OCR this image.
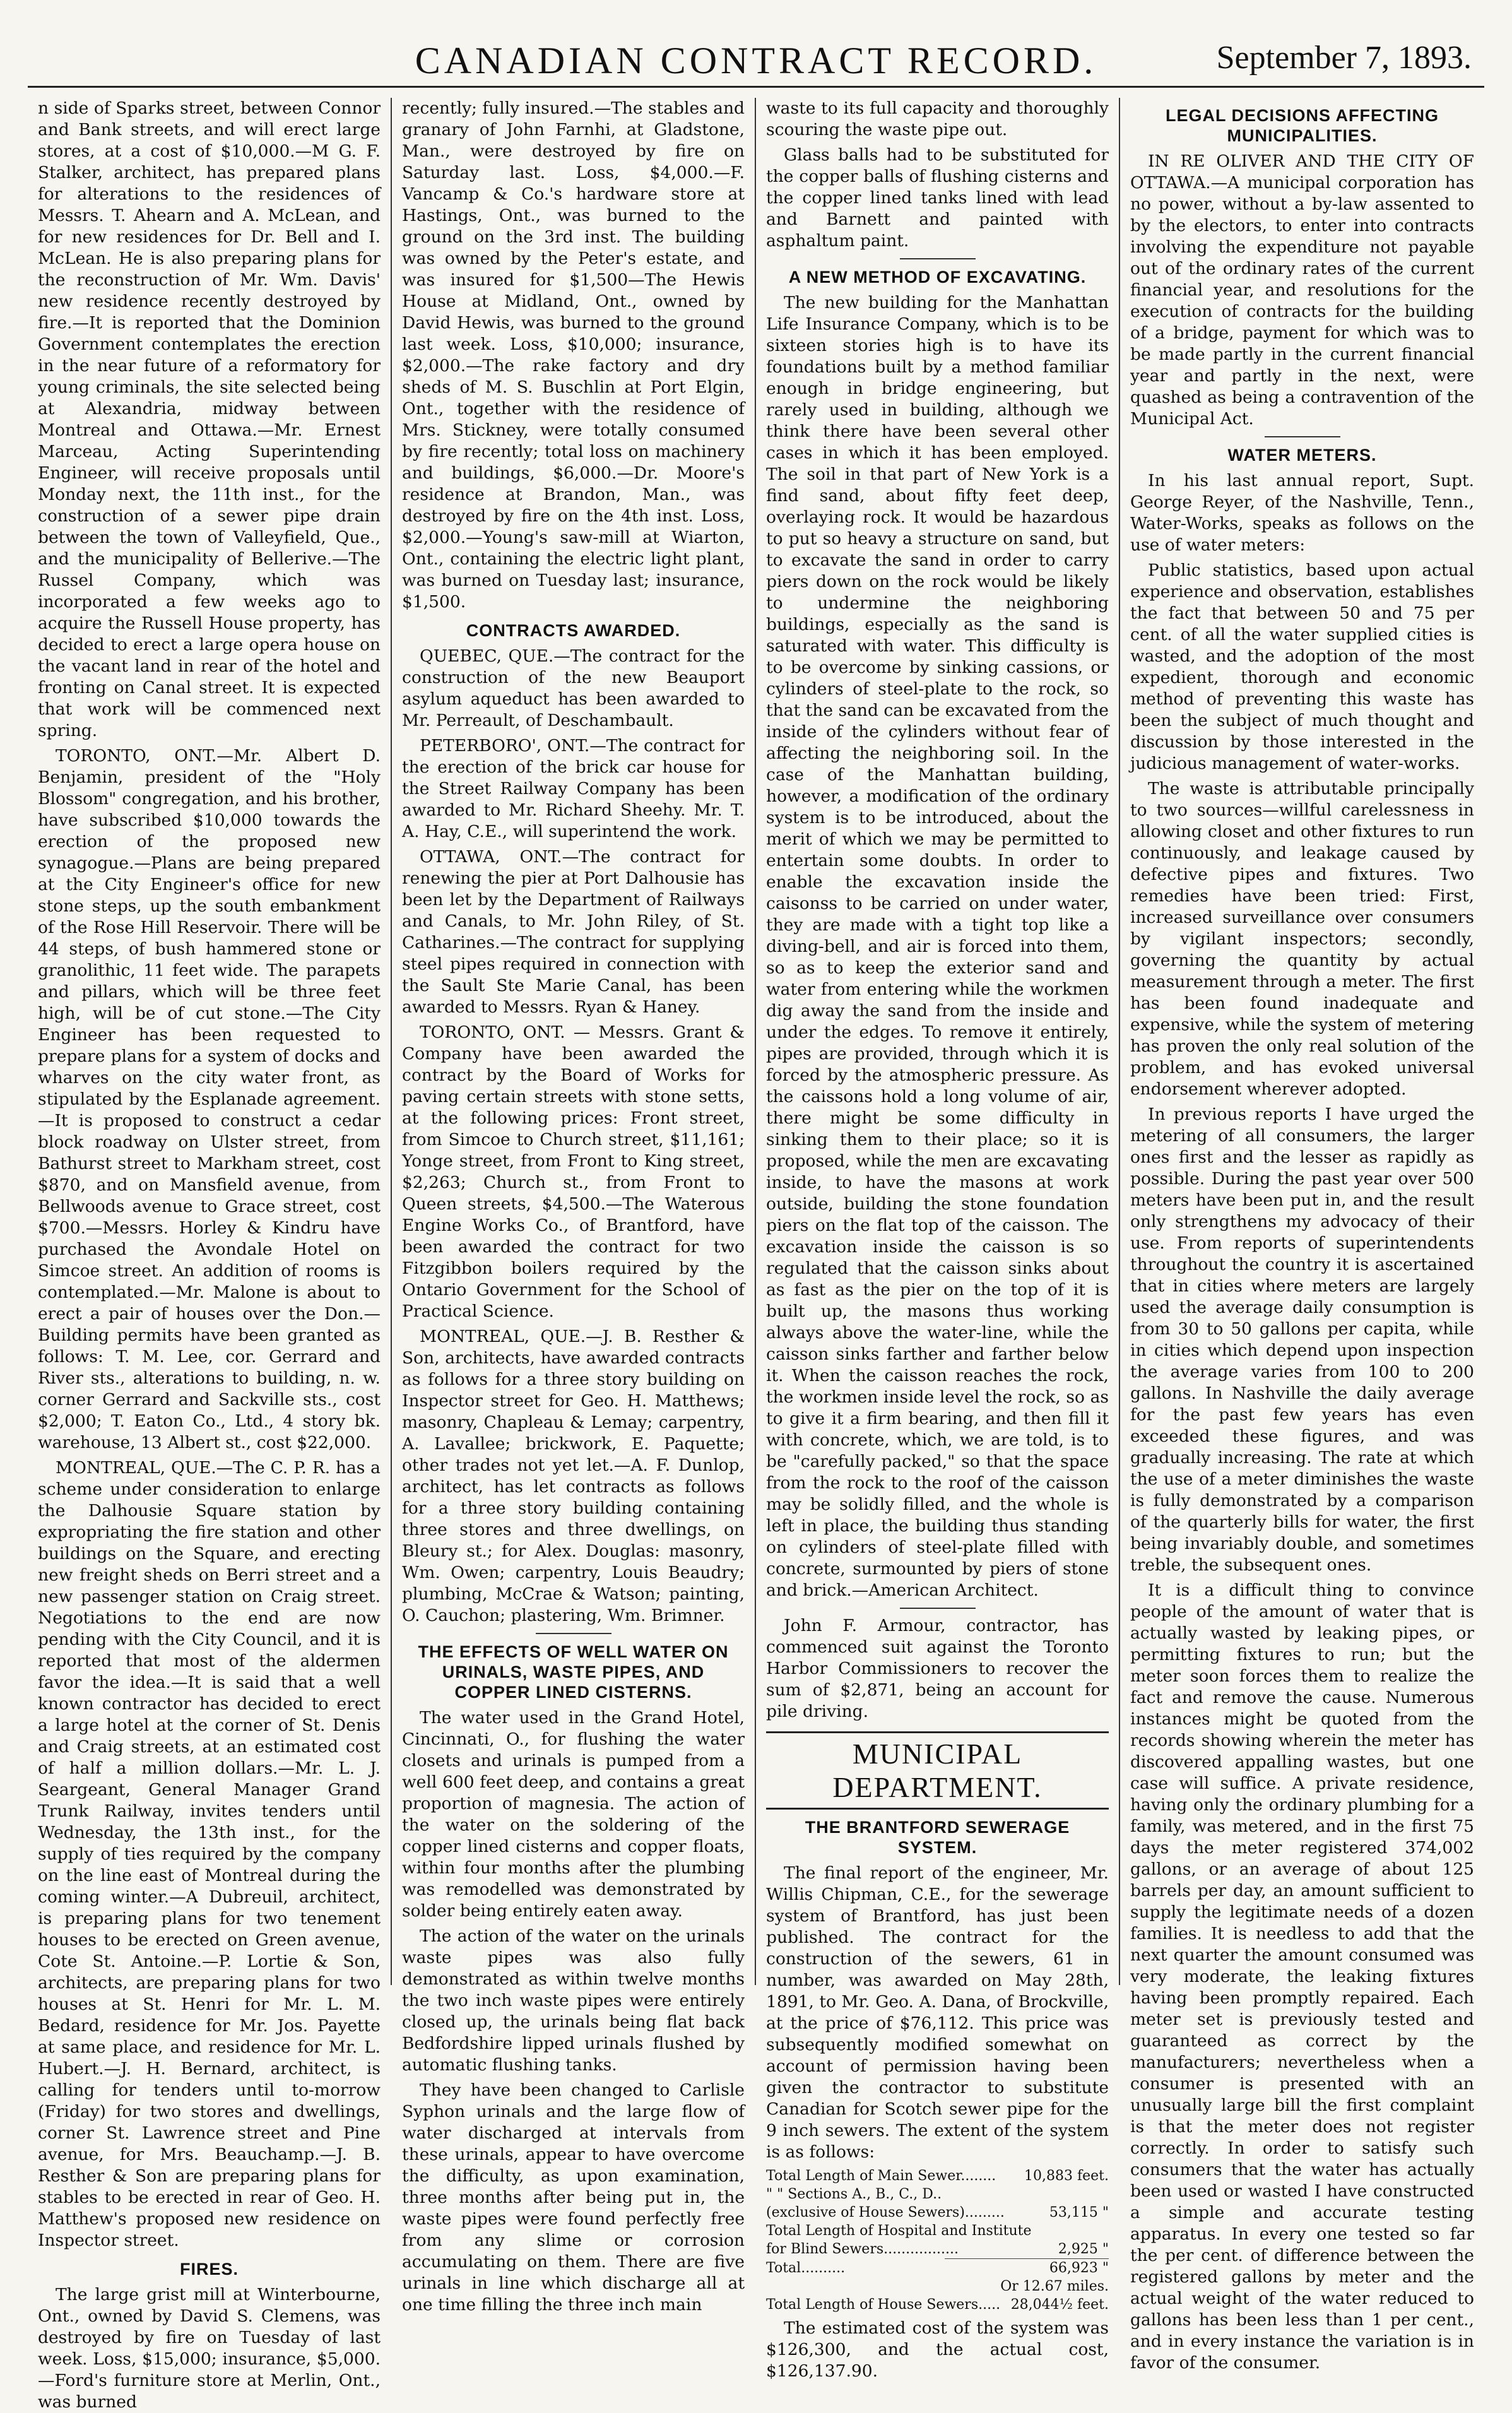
CANADIAN CONTRACT RECORD.	September 7, 1893.

n side of Sparks street, between Connor and Bank streets, and will erect large stores, at a cost of $10,000.—M G. F. Stalker, architect, has prepared plans for alterations to the residences of Messrs. T. Ahearn and A. McLean, and for new residences for Dr. Bell and I. McLean. He is also preparing plans for the reconstruction of Mr. Wm. Davis' new residence recently destroyed by fire.—It is reported that the Dominion Government contemplates the erection in the near future of a reformatory for young criminals, the site selected being at Alexandria, midway between Montreal and Ottawa.—Mr. Ernest Marceau, Acting Superintending Engineer, will receive proposals until Monday next, the 11th inst., for the construction of a sewer pipe drain between the town of Valleyfield, Que., and the municipality of Bellerive.—The Russel Company, which was incorporated a few weeks ago to acquire the Russell House property, has decided to erect a large opera house on the vacant land in rear of the hotel and fronting on Canal street. It is expected that work will be commenced next spring.

TORONTO, ONT.—Mr. Albert D. Benjamin, president of the "Holy Blossom" congregation, and his brother, have subscribed $10,000 towards the erection of the proposed new synagogue.—Plans are being prepared at the City Engineer's office for new stone steps, up the south embankment of the Rose Hill Reservoir. There will be 44 steps, of bush hammered stone or granolithic, 11 feet wide. The parapets and pillars, which will be three feet high, will be of cut stone.—The City Engineer has been requested to prepare plans for a system of docks and wharves on the city water front, as stipulated by the Esplanade agreement.—It is proposed to construct a cedar block roadway on Ulster street, from Bathurst street to Markham street, cost $870, and on Mansfield avenue, from Bellwoods avenue to Grace street, cost $700.—Messrs. Horley & Kindru have purchased the Avondale Hotel on Simcoe street. An addition of rooms is contemplated.—Mr. Malone is about to erect a pair of houses over the Don.—Building permits have been granted as follows: T. M. Lee, cor. Gerrard and River sts., alterations to building, n. w. corner Gerrard and Sackville sts., cost $2,000; T. Eaton Co., Ltd., 4 story bk. warehouse, 13 Albert st., cost $22,000.

MONTREAL, QUE.—The C. P. R. has a scheme under consideration to enlarge the Dalhousie Square station by expropriating the fire station and other buildings on the Square, and erecting new freight sheds on Berri street and a new passenger station on Craig street. Negotiations to the end are now pending with the City Council, and it is reported that most of the aldermen favor the idea.—It is said that a well known contractor has decided to erect a large hotel at the corner of St. Denis and Craig streets, at an estimated cost of half a million dollars.—Mr. L. J. Seargeant, General Manager Grand Trunk Railway, invites tenders until Wednesday, the 13th inst., for the supply of ties required by the company on the line east of Montreal during the coming winter.—A Dubreuil, architect, is preparing plans for two tenement houses to be erected on Green avenue, Cote St. Antoine.—P. Lortie & Son, architects, are preparing plans for two houses at St. Henri for Mr. L. M. Bedard, residence for Mr. Jos. Payette at same place, and residence for Mr. L. Hubert.—J. H. Bernard, architect, is calling for tenders until to-morrow (Friday) for two stores and dwellings, corner St. Lawrence street and Pine avenue, for Mrs. Beauchamp.—J. B. Resther & Son are preparing plans for stables to be erected in rear of Geo. H. Matthew's proposed new residence on Inspector street.

FIRES.

The large grist mill at Winterbourne, Ont., owned by David S. Clemens, was destroyed by fire on Tuesday of last week. Loss, $15,000; insurance, $5,000.—Ford's furniture store at Merlin, Ont., was burned

recently; fully insured.—The stables and granary of John Farnhi, at Gladstone, Man., were destroyed by fire on Saturday last. Loss, $4,000.—F. Vancamp & Co.'s hardware store at Hastings, Ont., was burned to the ground on the 3rd inst. The building was owned by the Peter's estate, and was insured for $1,500—The Hewis House at Midland, Ont., owned by David Hewis, was burned to the ground last week. Loss, $10,000; insurance, $2,000.—The rake factory and dry sheds of M. S. Buschlin at Port Elgin, Ont., together with the residence of Mrs. Stickney, were totally consumed by fire recently; total loss on machinery and buildings, $6,000.—Dr. Moore's residence at Brandon, Man., was destroyed by fire on the 4th inst. Loss, $2,000.—Young's saw-mill at Wiarton, Ont., containing the electric light plant, was burned on Tuesday last; insurance, $1,500.

CONTRACTS AWARDED.

QUEBEC, QUE.—The contract for the construction of the new Beauport asylum aqueduct has been awarded to Mr. Perreault, of Deschambault.

PETERBORO', ONT.—The contract for the erection of the brick car house for the Street Railway Company has been awarded to Mr. Richard Sheehy. Mr. T. A. Hay, C.E., will superintend the work.

OTTAWA, ONT.—The contract for renewing the pier at Port Dalhousie has been let by the Department of Railways and Canals, to Mr. John Riley, of St. Catharines.—The contract for supplying steel pipes required in connection with the Sault Ste Marie Canal, has been awarded to Messrs. Ryan & Haney.

TORONTO, ONT. — Messrs. Grant & Company have been awarded the contract by the Board of Works for paving certain streets with stone setts, at the following prices: Front street, from Simcoe to Church street, $11,161; Yonge street, from Front to King street, $2,263; Church st., from Front to Queen streets, $4,500.—The Waterous Engine Works Co., of Brantford, have been awarded the contract for two Fitzgibbon boilers required by the Ontario Government for the School of Practical Science.

MONTREAL, QUE.—J. B. Resther & Son, architects, have awarded contracts as follows for a three story building on Inspector street for Geo. H. Matthews; masonry, Chapleau & Lemay; carpentry, A. Lavallee; brickwork, E. Paquette; other trades not yet let.—A. F. Dunlop, architect, has let contracts as follows for a three story building containing three stores and three dwellings, on Bleury st.; for Alex. Douglas: masonry, Wm. Owen; carpentry, Louis Beaudry; plumbing, McCrae & Watson; painting, O. Cauchon; plastering, Wm. Brimner.

THE EFFECTS OF WELL WATER ON URINALS, WASTE PIPES, AND COPPER LINED CISTERNS.

The water used in the Grand Hotel, Cincinnati, O., for flushing the water closets and urinals is pumped from a well 600 feet deep, and contains a great proportion of magnesia. The action of the water on the soldering of the copper lined cisterns and copper floats, within four months after the plumbing was remodelled was demonstrated by solder being entirely eaten away.

The action of the water on the urinals waste pipes was also fully demonstrated as within twelve months the two inch waste pipes were entirely closed up, the urinals being flat back Bedfordshire lipped urinals flushed by automatic flushing tanks.

They have been changed to Carlisle Syphon urinals and the large flow of water discharged at intervals from these urinals, appear to have overcome the difficulty, as upon examination, three months after being put in, the waste pipes were found perfectly free from any slime or corrosion accumulating on them. There are five urinals in line which discharge all at one time filling the three inch main

waste to its full capacity and thoroughly scouring the waste pipe out.

Glass balls had to be substituted for the copper balls of flushing cisterns and the copper lined tanks lined with lead and Barnett and painted with asphaltum paint.

A NEW METHOD OF EXCAVATING.

The new building for the Manhattan Life Insurance Company, which is to be sixteen stories high is to have its foundations built by a method familiar enough in bridge engineering, but rarely used in building, although we think there have been several other cases in which it has been employed. The soil in that part of New York is a find sand, about fifty feet deep, overlaying rock. It would be hazardous to put so heavy a structure on sand, but to excavate the sand in order to carry piers down on the rock would be likely to undermine the neighboring buildings, especially as the sand is saturated with water. This difficulty is to be overcome by sinking cassions, or cylinders of steel-plate to the rock, so that the sand can be excavated from the inside of the cylinders without fear of affecting the neighboring soil. In the case of the Manhattan building, however, a modification of the ordinary system is to be introduced, about the merit of which we may be permitted to entertain some doubts. In order to enable the excavation inside the caisonss to be carried on under water, they are made with a tight top like a diving-bell, and air is forced into them, so as to keep the exterior sand and water from entering while the workmen dig away the sand from the inside and under the edges. To remove it entirely, pipes are provided, through which it is forced by the atmospheric pressure. As the caissons hold a long volume of air, there might be some difficulty in sinking them to their place; so it is proposed, while the men are excavating inside, to have the masons at work outside, building the stone foundation piers on the flat top of the caisson. The excavation inside the caisson is so regulated that the caisson sinks about as fast as the pier on the top of it is built up, the masons thus working always above the water-line, while the caisson sinks farther and farther below it. When the caisson reaches the rock, the workmen inside level the rock, so as to give it a firm bearing, and then fill it with concrete, which, we are told, is to be "carefully packed," so that the space from the rock to the roof of the caisson may be solidly filled, and the whole is left in place, the building thus standing on cylinders of steel-plate filled with concrete, surmounted by piers of stone and brick.—American Architect.

John F. Armour, contractor, has commenced suit against the Toronto Harbor Commissioners to recover the sum of $2,871, being an account for pile driving.

MUNICIPAL DEPARTMENT.
THE BRANTFORD SEWERAGE SYSTEM.

The final report of the engineer, Mr. Willis Chipman, C.E., for the sewerage system of Brantford, has just been published. The contract for the construction of the sewers, 61 in number, was awarded on May 28th, 1891, to Mr. Geo. A. Dana, of Brockville, at the price of $76,112. This price was subsequently modified somewhat on account of permission having been given the contractor to substitute Canadian for Scotch sewer pipe for the 9 inch sewers. The extent of the system is as follows:

Total Length of Main Sewer........ 10,883 feet.
" " Sections A., B., C., D..
(exclusive of House Sewers).........	53,115 "
Total Length of Hospital and Institute
for Blind Sewers.................	2,925 "
Total..........	66,923 "
Or 12.67 miles.
Total Length of House Sewers..... 28,044½ feet.

The estimated cost of the system was $126,300, and the actual cost, $126,137.90.

LEGAL DECISIONS AFFECTING MUNICIPALITIES.

IN RE OLIVER AND THE CITY OF OTTAWA.—A municipal corporation has no power, without a by-law assented to by the electors, to enter into contracts involving the expenditure not payable out of the ordinary rates of the current financial year, and resolutions for the execution of contracts for the building of a bridge, payment for which was to be made partly in the current financial year and partly in the next, were quashed as being a contravention of the Municipal Act.

WATER METERS.

In his last annual report, Supt. George Reyer, of the Nashville, Tenn., Water-Works, speaks as follows on the use of water meters:

Public statistics, based upon actual experience and observation, establishes the fact that between 50 and 75 per cent. of all the water supplied cities is wasted, and the adoption of the most expedient, thorough and economic method of preventing this waste has been the subject of much thought and discussion by those interested in the judicious management of water-works.

The waste is attributable principally to two sources—willful carelessness in allowing closet and other fixtures to run continuously, and leakage caused by defective pipes and fixtures. Two remedies have been tried: First, increased surveillance over consumers by vigilant inspectors; secondly, governing the quantity by actual measurement through a meter. The first has been found inadequate and expensive, while the system of metering has proven the only real solution of the problem, and has evoked universal endorsement wherever adopted.

In previous reports I have urged the metering of all consumers, the larger ones first and the lesser as rapidly as possible. During the past year over 500 meters have been put in, and the result only strengthens my advocacy of their use. From reports of superintendents throughout the country it is ascertained that in cities where meters are largely used the average daily consumption is from 30 to 50 gallons per capita, while in cities which depend upon inspection the average varies from 100 to 200 gallons. In Nashville the daily average for the past few years has even exceeded these figures, and was gradually increasing. The rate at which the use of a meter diminishes the waste is fully demonstrated by a comparison of the quarterly bills for water, the first being invariably double, and sometimes treble, the subsequent ones.

It is a difficult thing to convince people of the amount of water that is actually wasted by leaking pipes, or permitting fixtures to run; but the meter soon forces them to realize the fact and remove the cause. Numerous instances might be quoted from the records showing wherein the meter has discovered appalling wastes, but one case will suffice. A private residence, having only the ordinary plumbing for a family, was metered, and in the first 75 days the meter registered 374,002 gallons, or an average of about 125 barrels per day, an amount sufficient to supply the legitimate needs of a dozen families. It is needless to add that the next quarter the amount consumed was very moderate, the leaking fixtures having been promptly repaired. Each meter set is previously tested and guaranteed as correct by the manufacturers; nevertheless when a consumer is presented with an unusually large bill the first complaint is that the meter does not register correctly. In order to satisfy such consumers that the water has actually been used or wasted I have constructed a simple and accurate testing apparatus. In every one tested so far the per cent. of difference between the registered gallons by meter and the actual weight of the water reduced to gallons has been less than 1 per cent., and in every instance the variation is in favor of the consumer.
